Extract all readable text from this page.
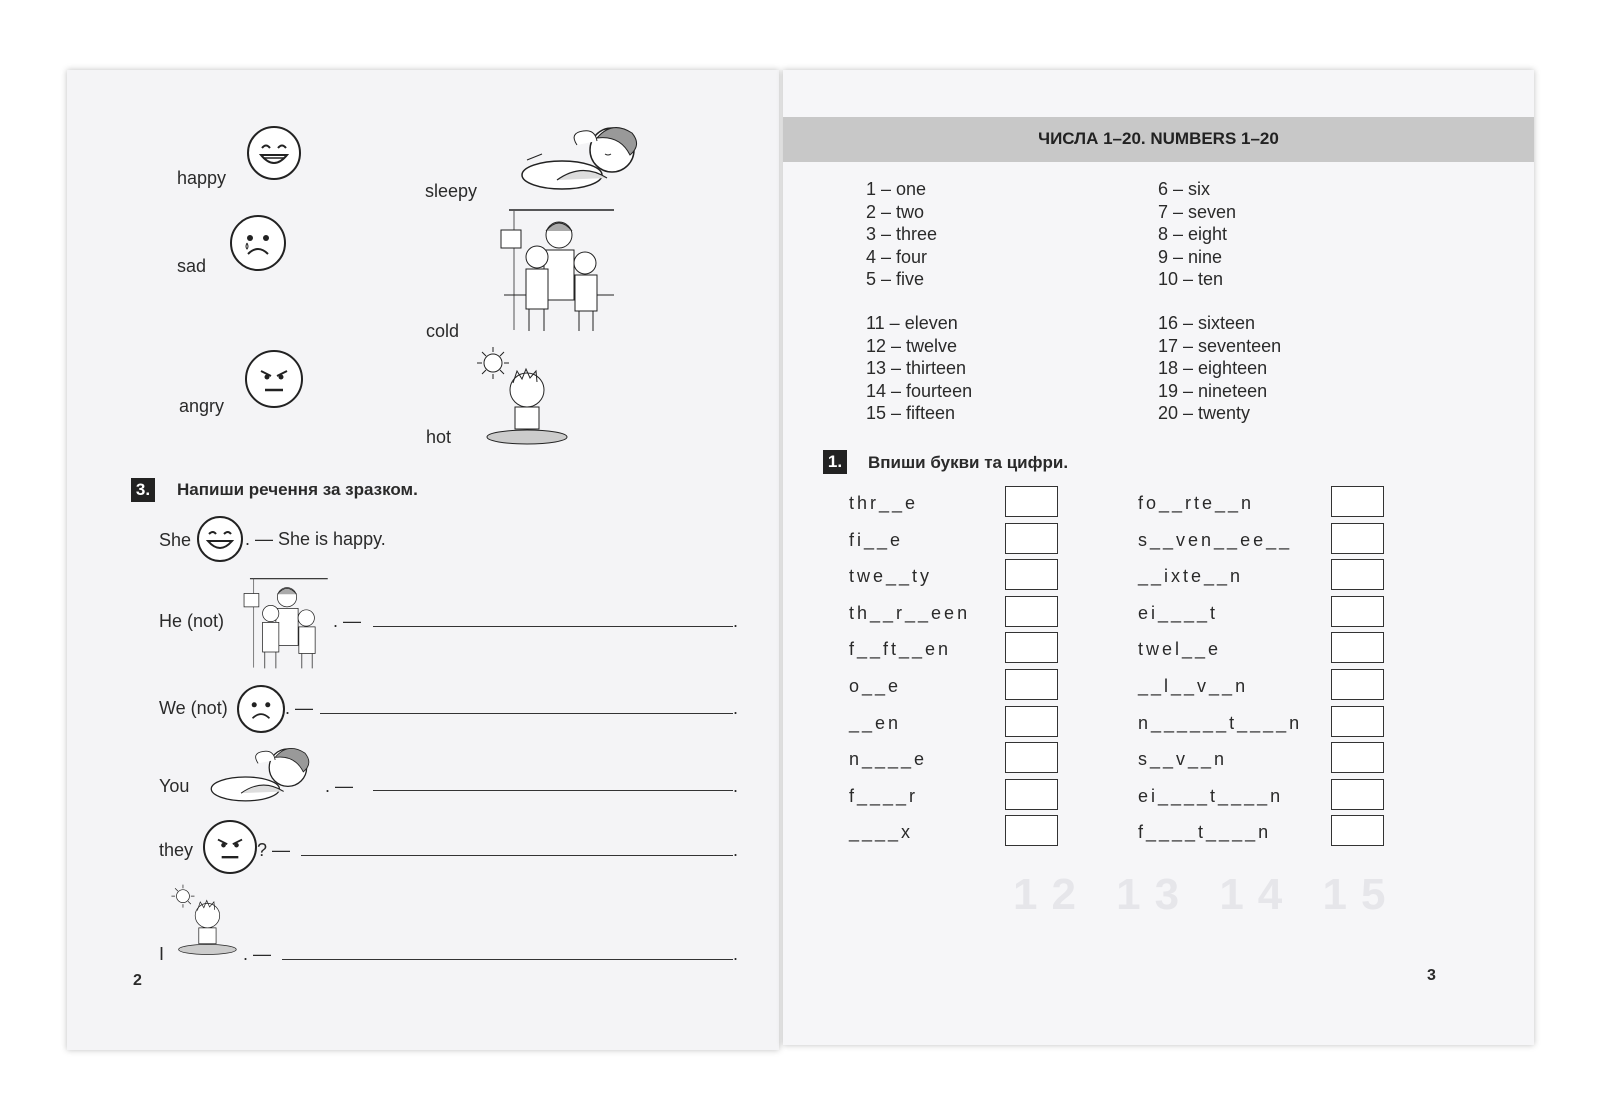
happy
sad
angry
sleepy
cold
hot
3. Напиши речення за зразком.
She	. — She is happy.
He (not)	. —	.
We (not)	. —	.
You	. —	.
they	? —	.
I	. —	.
2
12 13 14 15
ЧИСЛА 1–20. NUMBERS 1–20
1 – one
2 – two
3 – three
4 – four
5 – five
6 – six
7 – seven
8 – eight
9 – nine
10 – ten
11 – eleven
12 – twelve
13 – thirteen
14 – fourteen
15 – fifteen
16 – sixteen
17 – seventeen
18 – eighteen
19 – nineteen
20 – twenty
1. Впиши букви та цифри.
3
thr__e
fi__e
twe__ty
th__r__een
f__ft__en
o__e
__en
n____e
f____r
____x
fo__rte__n
s__ven__ee__
__ixte__n
ei____t
twel__e
__l__v__n
n______t____n
s__v__n
ei____t____n
f____t____n
